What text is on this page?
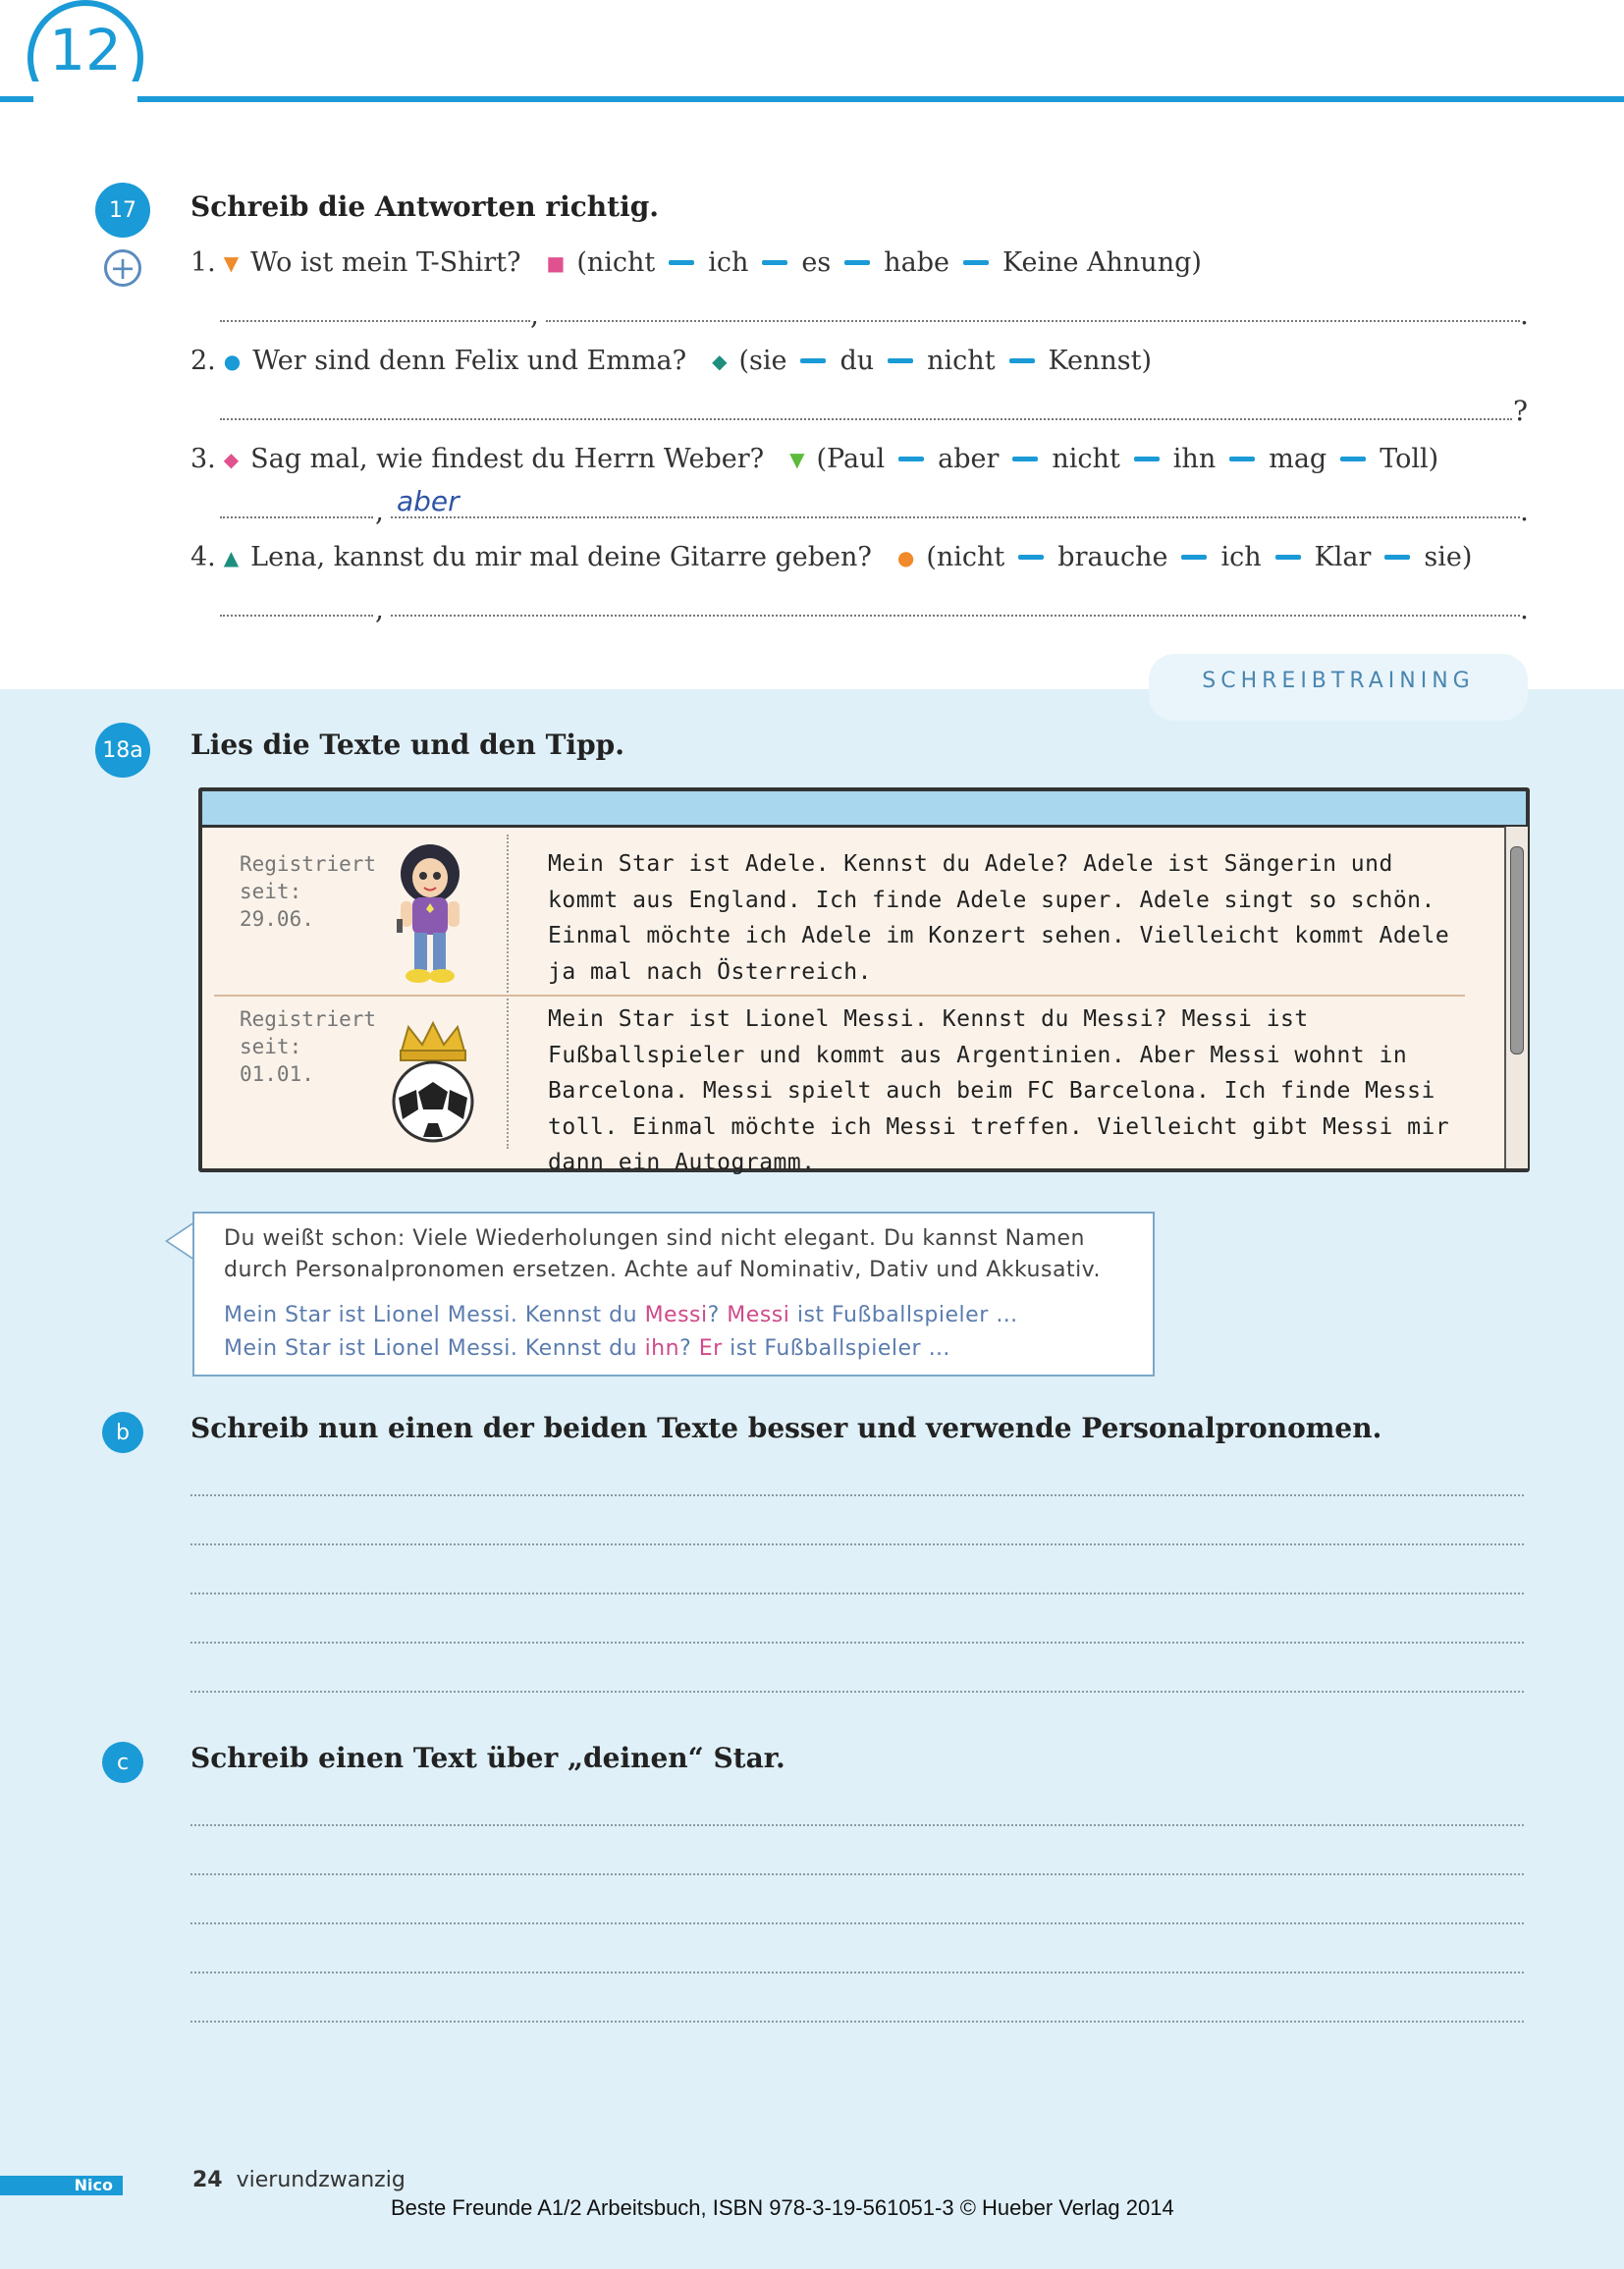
12
17
+
Schreib die Antworten richtig.
1. ▼ Wo ist mein T-Shirt? ■ (nicht ich es habe Keine Ahnung)
,	.
2. ● Wer sind denn Felix und Emma? ◆ (sie du nicht Kennst)
?
3. ◆ Sag mal, wie findest du Herrn Weber? ▼ (Paul aber nicht ihn mag Toll)
, aber	.
4. ▲ Lena, kannst du mir mal deine Gitarre geben? ● (nicht brauche ich Klar sie)
,	.
SCHREIBTRAINING
18a Lies die Texte und den Tipp.
Registriert
seit:
29.06.
Mein Star ist Adele. Kennst du Adele? Adele ist Sängerin und kommt aus England. Ich finde Adele super. Adele singt so schön. Einmal möchte ich Adele im Konzert sehen. Vielleicht kommt Adele ja mal nach Österreich.
Registriert
seit:
01.01.
Mein Star ist Lionel Messi. Kennst du Messi? Messi ist Fußballspieler und kommt aus Argentinien. Aber Messi wohnt in Barcelona. Messi spielt auch beim FC Barcelona. Ich finde Messi toll. Einmal möchte ich Messi treffen. Vielleicht gibt Messi mir dann ein Autogramm.
Du weißt schon: Viele Wiederholungen sind nicht elegant. Du kannst Namen durch Personalpronomen ersetzen. Achte auf Nominativ, Dativ und Akkusativ.
Mein Star ist Lionel Messi. Kennst du Messi? Messi ist Fußballspieler …
Mein Star ist Lionel Messi. Kennst du ihn? Er ist Fußballspieler …
b	Schreib nun einen der beiden Texte besser und verwende Personalpronomen.
c	Schreib einen Text über „deinen“ Star.
Nico	24 vierundzwanzig
Beste Freunde A1/2 Arbeitsbuch, ISBN 978-3-19-561051-3 © Hueber Verlag 2014
